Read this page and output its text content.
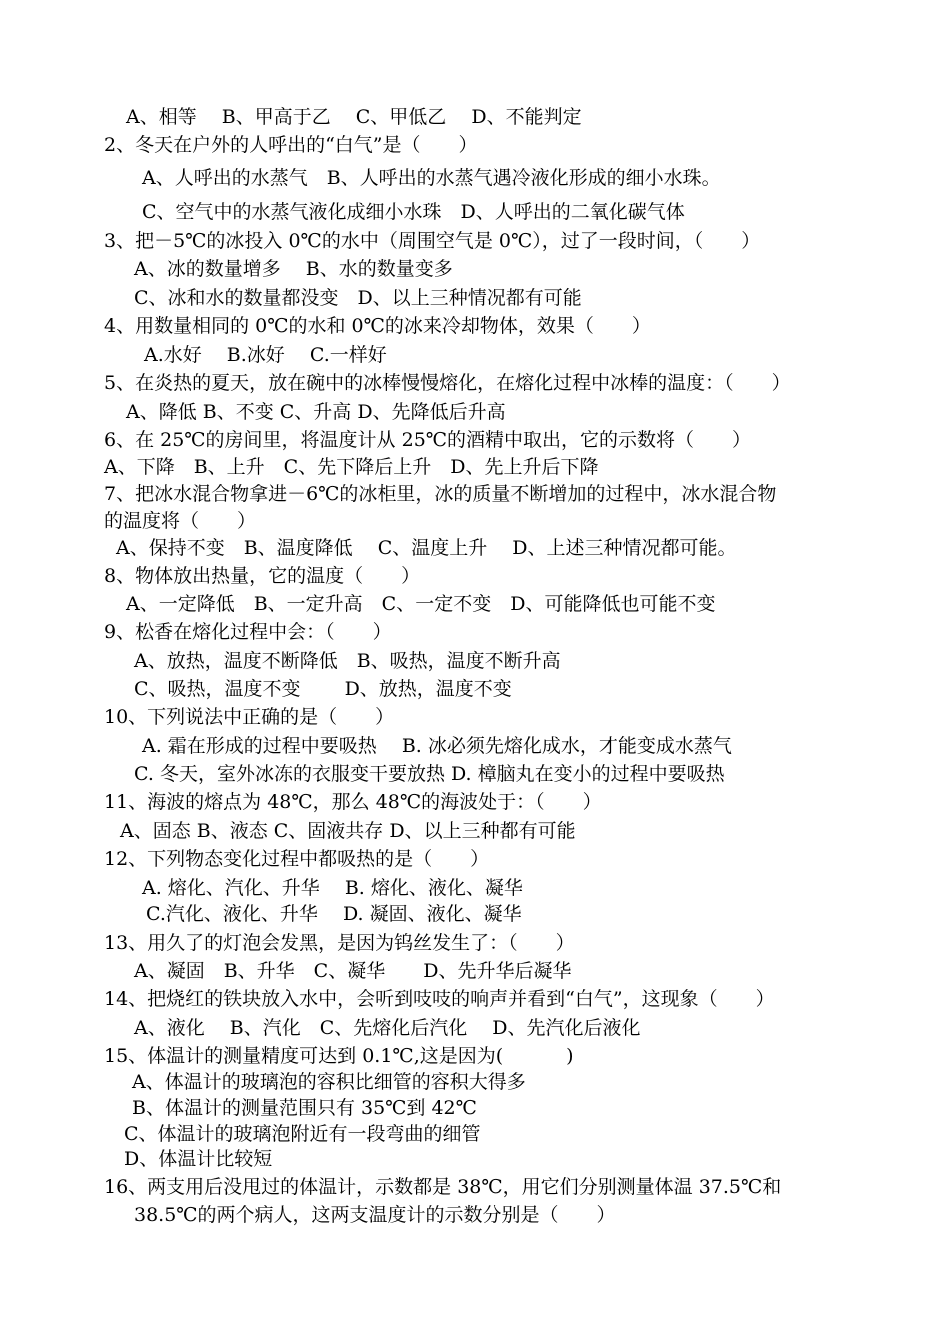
A、相等　 B、甲高于乙　 C、甲低乙　 D、不能判定
2、冬天在户外的人呼出的“白气”是（　　）
A、人呼出的水蒸气　B、人呼出的水蒸气遇冷液化形成的细小水珠。
C、空气中的水蒸气液化成细小水珠　D、人呼出的二氧化碳气体
3、把－5℃的冰投入 0℃的水中（周围空气是 0℃），过了一段时间，（　　）
A、冰的数量增多　 B、水的数量变多
C、冰和水的数量都没变　D、以上三种情况都有可能
4、用数量相同的 0℃的水和 0℃的冰来冷却物体，效果（　　）
A.水好　 B.冰好　 C.一样好
5、在炎热的夏天，放在碗中的冰棒慢慢熔化，在熔化过程中冰棒的温度：（　　）
A、降低 B、不变 C、升高 D、先降低后升高
6、在 25℃的房间里，将温度计从 25℃的酒精中取出，它的示数将（　　）
A、下降　B、上升　C、先下降后上升　D、先上升后下降
7、把冰水混合物拿进－6℃的冰柜里，冰的质量不断增加的过程中，冰水混合物
的温度将（　　）
A、保持不变　B、温度降低　 C、温度上升　 D、上述三种情况都可能。
8、物体放出热量，它的温度（　　）
A、一定降低　B、一定升高　C、一定不变　D、可能降低也可能不变
9、松香在熔化过程中会：（　　）
A、放热，温度不断降低　B、吸热，温度不断升高
C、吸热，温度不变　　 D、放热，温度不变
10、下列说法中正确的是（　　）
A. 霜在形成的过程中要吸热　 B. 冰必须先熔化成水，才能变成水蒸气
C. 冬天，室外冰冻的衣服变干要放热 D. 樟脑丸在变小的过程中要吸热
11、海波的熔点为 48℃，那么 48℃的海波处于：（　　）
A、固态 B、液态 C、固液共存 D、以上三种都有可能
12、下列物态变化过程中都吸热的是（　　）
A. 熔化、汽化、升华　 B. 熔化、液化、凝华
C.汽化、液化、升华　 D. 凝固、液化、凝华
13、用久了的灯泡会发黑，是因为钨丝发生了：（　　）
A、凝固　B、升华　C、凝华　　D、先升华后凝华
14、把烧红的铁块放入水中，会听到吱吱的响声并看到“白气”，这现象（　　）
A、液化　 B、汽化　C、先熔化后汽化　 D、先汽化后液化
15、体温计的测量精度可达到 0.1℃,这是因为(　　　 )
A、体温计的玻璃泡的容积比细管的容积大得多
B、体温计的测量范围只有 35℃到 42℃
C、体温计的玻璃泡附近有一段弯曲的细管
D、体温计比较短
16、两支用后没甩过的体温计，示数都是 38℃，用它们分别测量体温 37.5℃和
38.5℃的两个病人，这两支温度计的示数分别是（　　）
